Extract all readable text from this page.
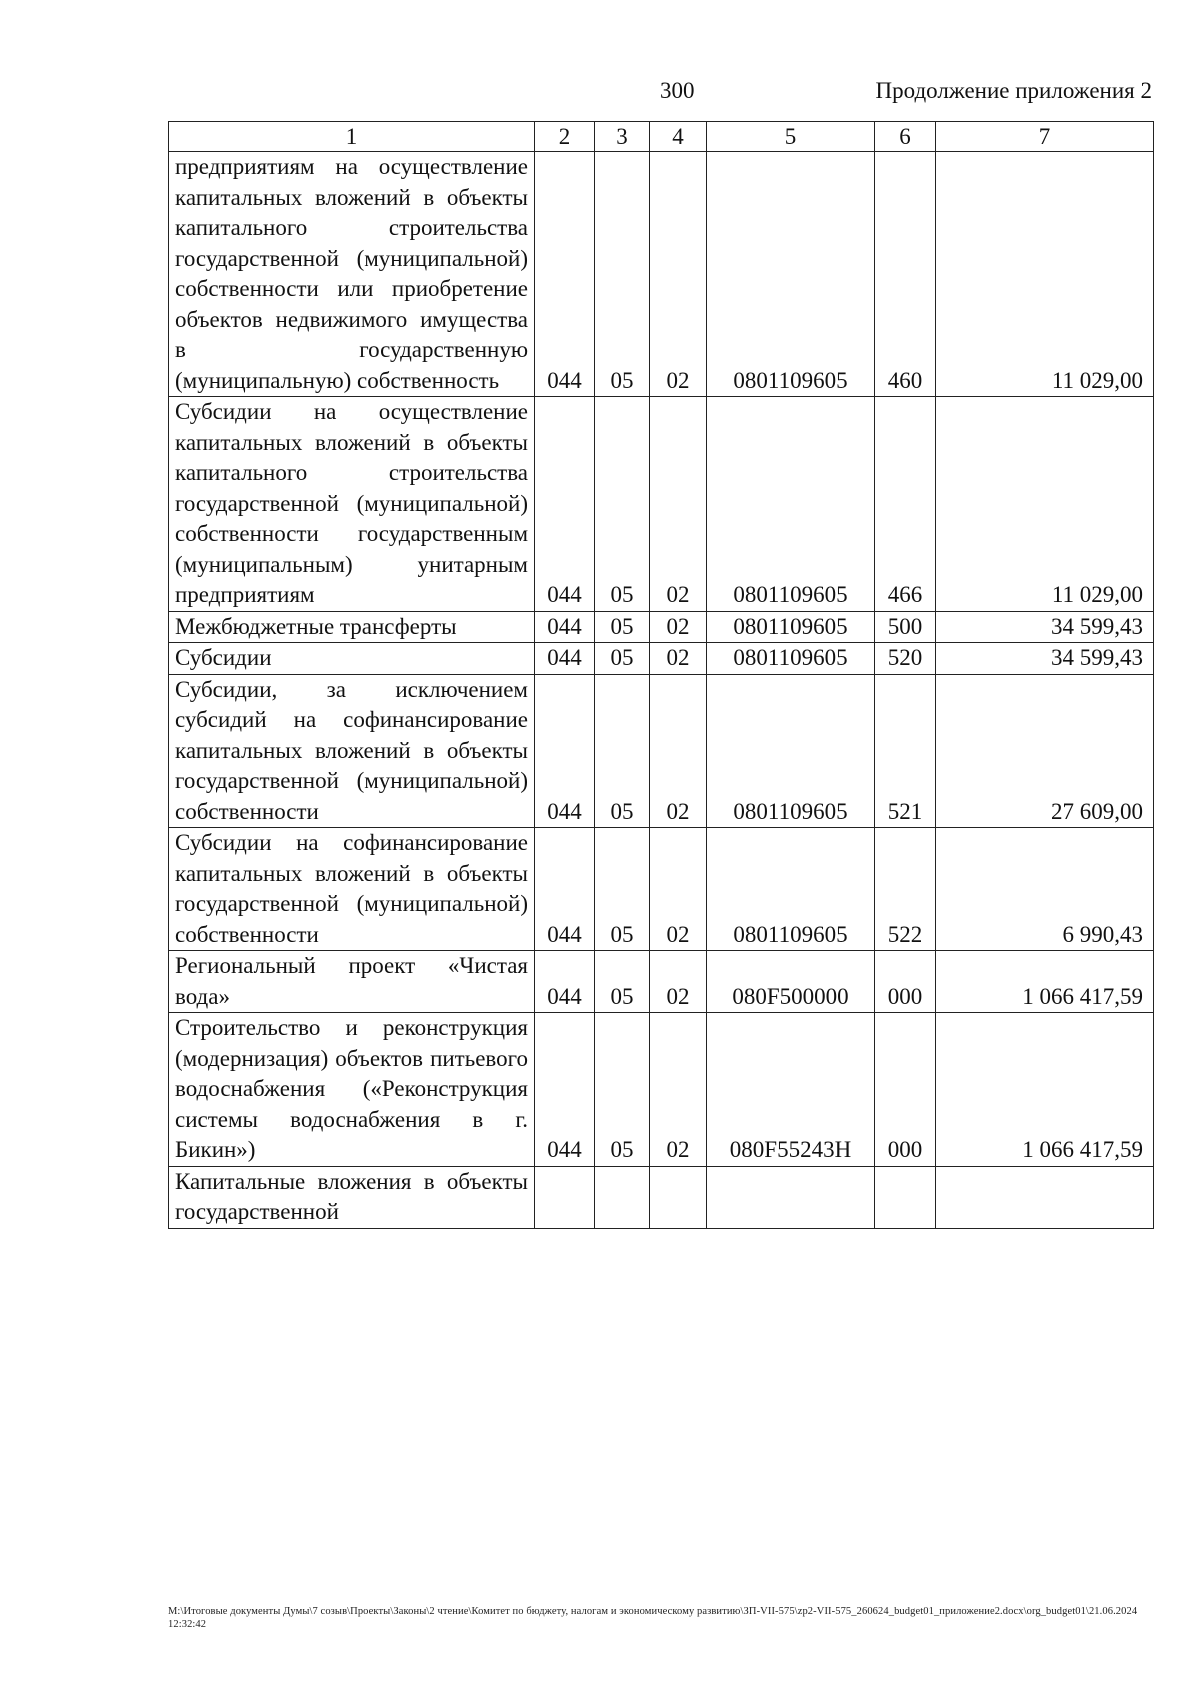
300	Продолжение приложения 2
1	2	3	4	5	6	7
предприятиям на осуществление капитальных вложений в объекты капитального строительства государственной (муниципальной) собственности или приобретение объектов недвижимого имущества в государственную (муниципальную) собственность	044	05	02	0801109605	460	11 029,00
Субсидии на осуществление капитальных вложений в объекты капитального строительства государственной (муниципальной) собственности государственным (муниципальным) унитарным предприятиям	044	05	02	0801109605	466	11 029,00
Межбюджетные трансферты	044	05	02	0801109605	500	34 599,43
Субсидии	044	05	02	0801109605	520	34 599,43
Субсидии, за исключением субсидий на софинансирование капитальных вложений в объекты государственной (муниципальной) собственности	044	05	02	0801109605	521	27 609,00
Субсидии на софинансирование капитальных вложений в объекты государственной (муниципальной) собственности	044	05	02	0801109605	522	6 990,43
Региональный проект «Чистая вода»	044	05	02	080F500000	000	1 066 417,59
Строительство и реконструкция (модернизация) объектов питьевого водоснабжения («Реконструкция системы водоснабжения в г. Бикин»)	044	05	02	080F55243Н	000	1 066 417,59
Капитальные вложения в объекты государственной						
M:\Итоговые документы Думы\7 созыв\Проекты\Законы\2 чтение\Комитет по бюджету, налогам и экономическому развитию\ЗП-VII-575\zp2-VII-575_260624_budget01_приложение2.docx\org_budget01\21.06.2024 12:32:42
